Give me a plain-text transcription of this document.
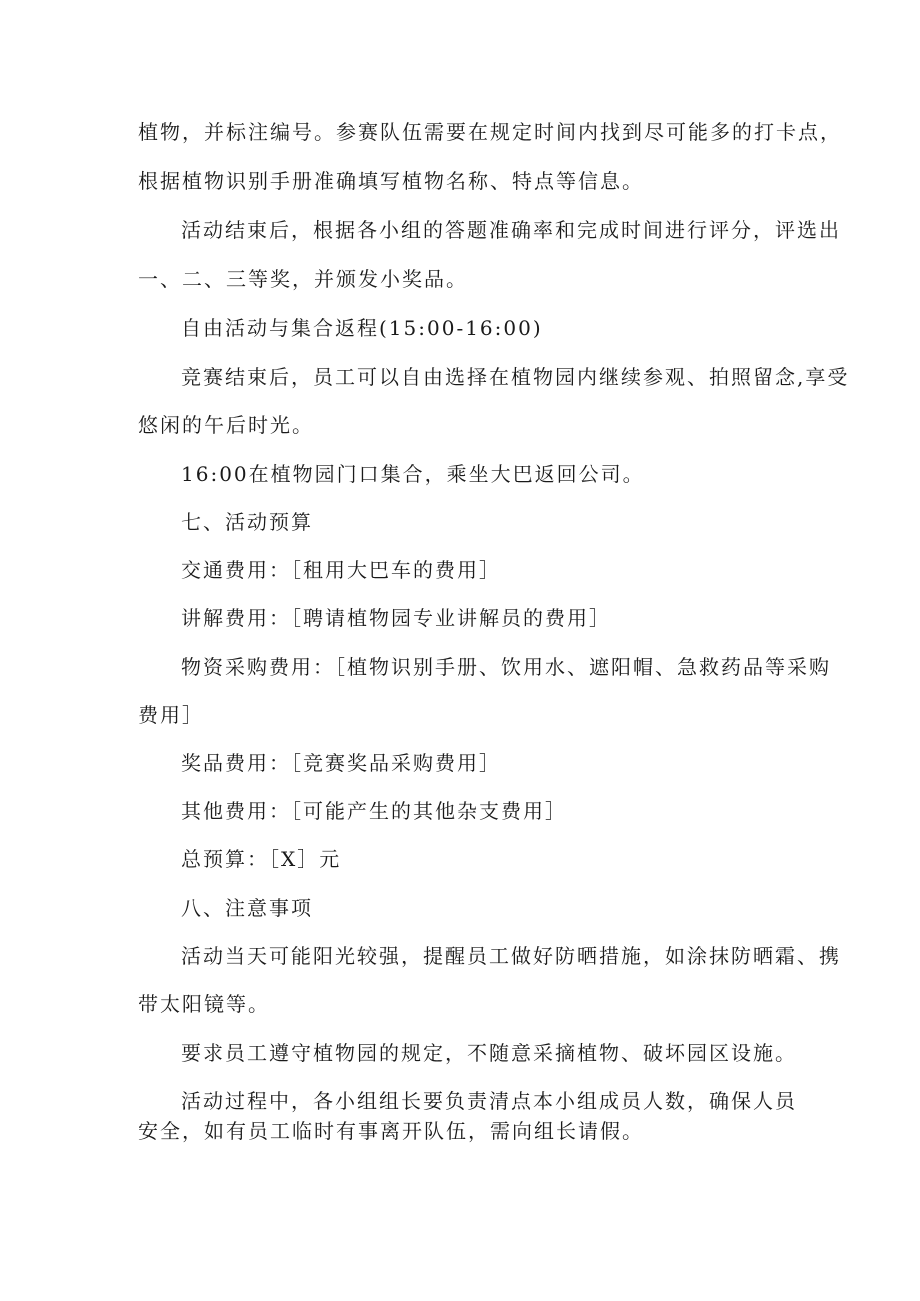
植物，并标注编号。参赛队伍需要在规定时间内找到尽可能多的打卡点，
根据植物识别手册准确填写植物名称、特点等信息。
活动结束后，根据各小组的答题准确率和完成时间进行评分，评选出
一、二、三等奖，并颁发小奖品。
自由活动与集合返程(15:00-16:00)
竞赛结束后，员工可以自由选择在植物园内继续参观、拍照留念,享受
悠闲的午后时光。
16:00在植物园门口集合，乘坐大巴返回公司。
七、活动预算
交通费用：［租用大巴车的费用］
讲解费用：［聘请植物园专业讲解员的费用］
物资采购费用：［植物识别手册、饮用水、遮阳帽、急救药品等采购
费用］
奖品费用：［竞赛奖品采购费用］
其他费用：［可能产生的其他杂支费用］
总预算：［X］元
八、注意事项
活动当天可能阳光较强，提醒员工做好防晒措施，如涂抹防晒霜、携
带太阳镜等。
要求员工遵守植物园的规定，不随意采摘植物、破坏园区设施。
活动过程中，各小组组长要负责清点本小组成员人数，确保人员
安全，如有员工临时有事离开队伍，需向组长请假。
